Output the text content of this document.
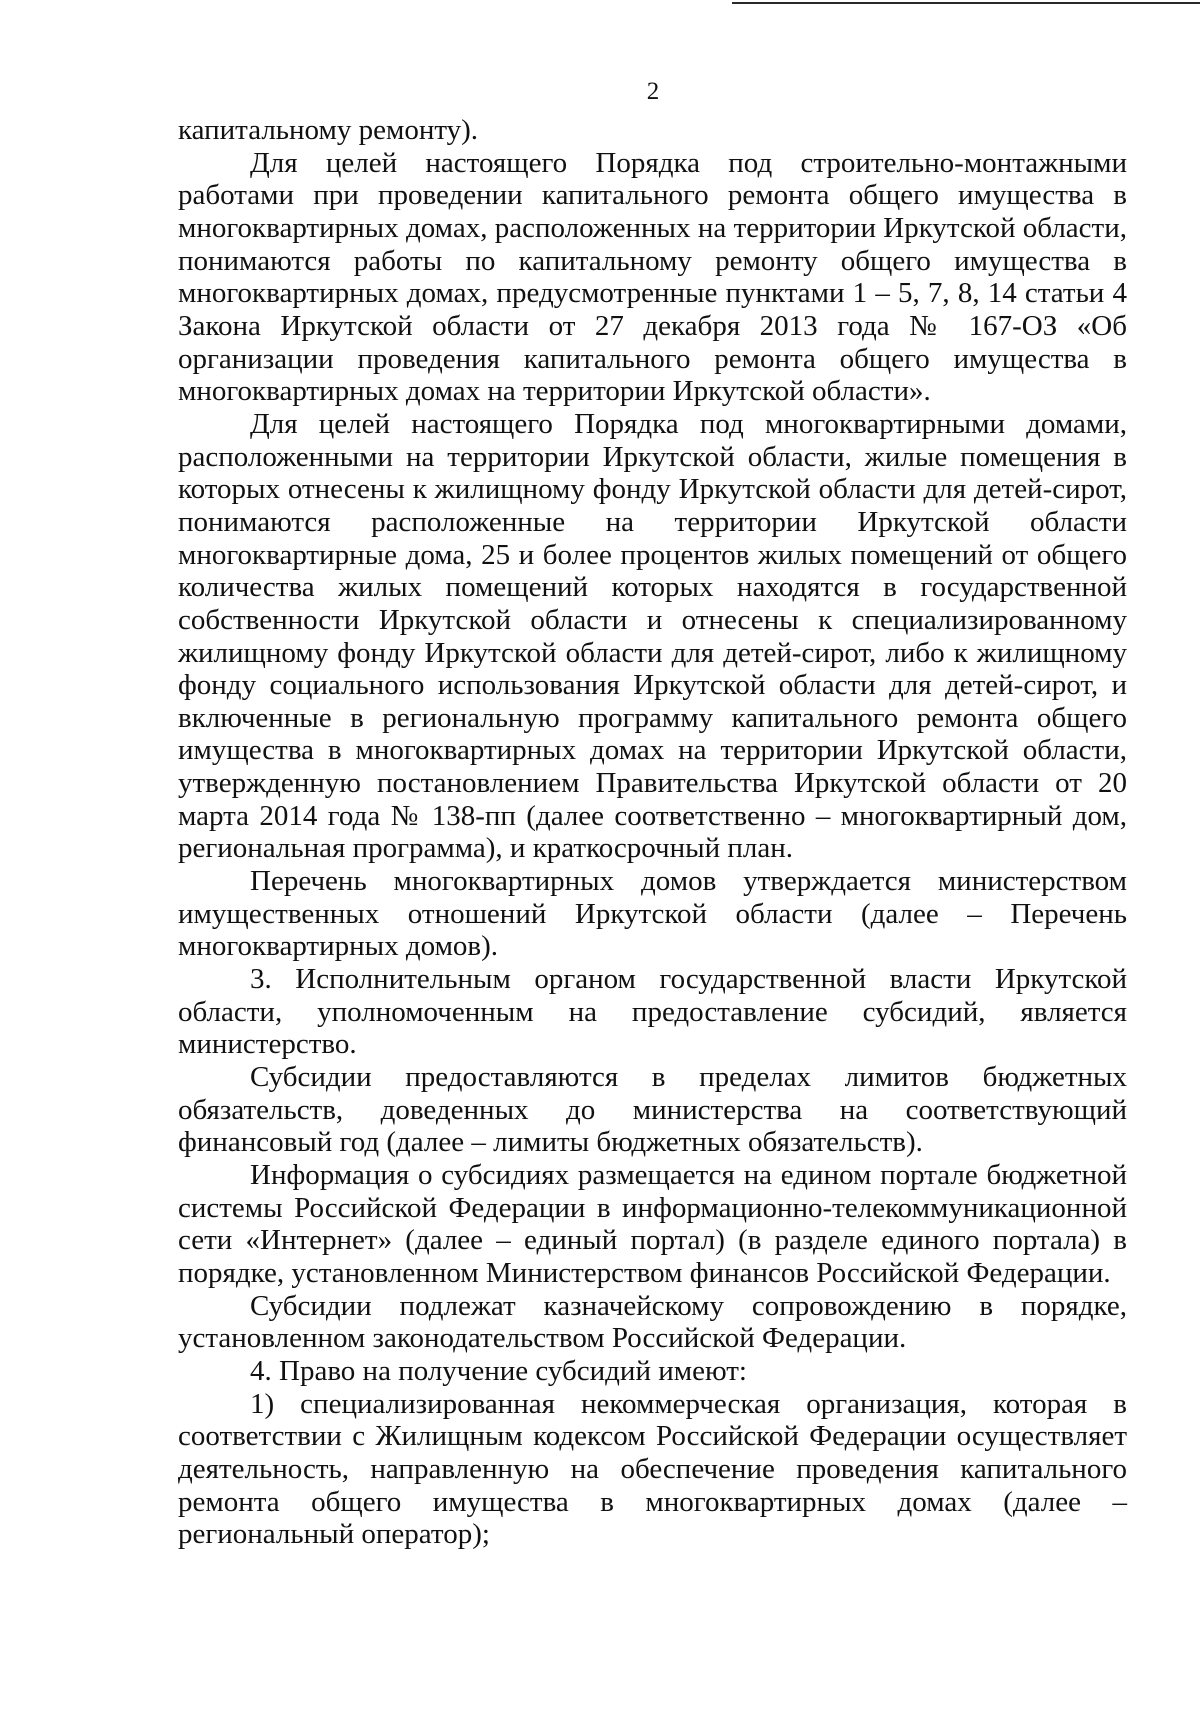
2

капитальному ремонту).

Для целей настоящего Порядка под строительно-монтажными работами при проведении капитального ремонта общего имущества в многоквартирных домах, расположенных на территории Иркутской области, понимаются работы по капитальному ремонту общего имущества в многоквартирных домах, предусмотренные пунктами 1 – 5, 7, 8, 14 статьи 4 Закона Иркутской области от 27 декабря 2013 года № 167-ОЗ «Об организации проведения капитального ремонта общего имущества в многоквартирных домах на территории Иркутской области».

Для целей настоящего Порядка под многоквартирными домами, расположенными на территории Иркутской области, жилые помещения в которых отнесены к жилищному фонду Иркутской области для детей-сирот, понимаются расположенные на территории Иркутской области многоквартирные дома, 25 и более процентов жилых помещений от общего количества жилых помещений которых находятся в государственной собственности Иркутской области и отнесены к специализированному жилищному фонду Иркутской области для детей-сирот, либо к жилищному фонду социального использования Иркутской области для детей-сирот, и включенные в региональную программу капитального ремонта общего имущества в многоквартирных домах на территории Иркутской области, утвержденную постановлением Правительства Иркутской области от 20 марта 2014 года № 138-пп (далее соответственно – многоквартирный дом, региональная программа), и краткосрочный план.

Перечень многоквартирных домов утверждается министерством имущественных отношений Иркутской области (далее – Перечень многоквартирных домов).

3. Исполнительным органом государственной власти Иркутской области, уполномоченным на предоставление субсидий, является министерство.

Субсидии предоставляются в пределах лимитов бюджетных обязательств, доведенных до министерства на соответствующий финансовый год (далее – лимиты бюджетных обязательств).

Информация о субсидиях размещается на едином портале бюджетной системы Российской Федерации в информационно-телекоммуникационной сети «Интернет» (далее – единый портал) (в разделе единого портала) в порядке, установленном Министерством финансов Российской Федерации.

Субсидии подлежат казначейскому сопровождению в порядке, установленном законодательством Российской Федерации.

4. Право на получение субсидий имеют:

1) специализированная некоммерческая организация, которая в соответствии с Жилищным кодексом Российской Федерации осуществляет деятельность, направленную на обеспечение проведения капитального ремонта общего имущества в многоквартирных домах (далее – региональный оператор);
